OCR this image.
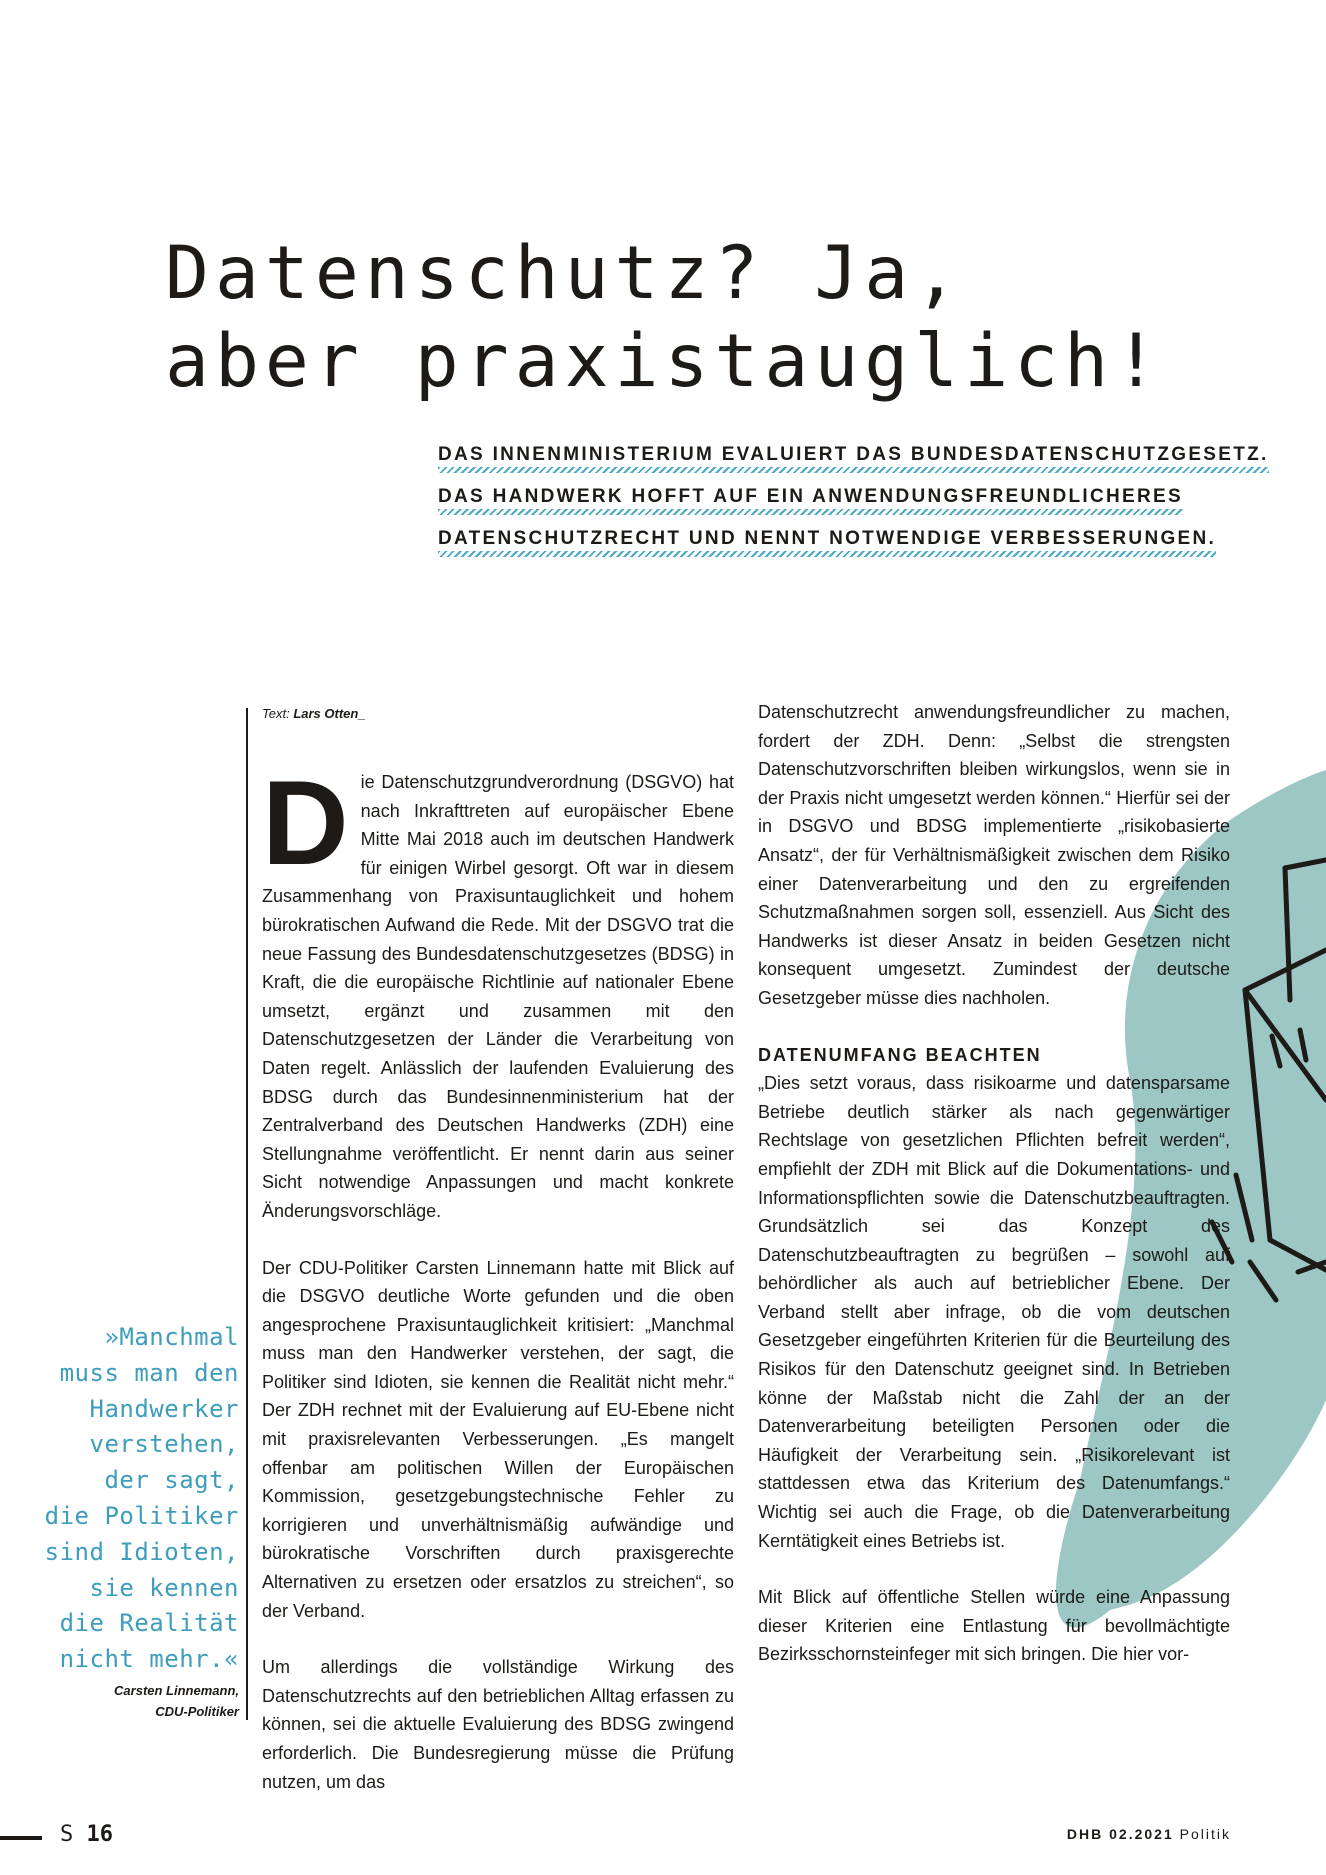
Datenschutz? Ja,
aber praxistauglich!
DAS INNENMINISTERIUM EVALUIERT DAS BUNDESDATENSCHUTZGESETZ.
DAS HANDWERK HOFFT AUF EIN ANWENDUNGSFREUNDLICHERES
DATENSCHUTZRECHT UND NENNT NOTWENDIGE VERBESSERUNGEN.
Text: Lars Otten_
»Manchmal
muss man den
Handwerker
verstehen,
der sagt,
die Politiker
sind Idioten,
sie kennen
die Realität
nicht mehr.«
Carsten Linnemann,
CDU-Politiker

Die Datenschutzgrundverordnung (DSGVO) hat nach Inkrafttreten auf europäischer Ebene Mitte Mai 2018 auch im deutschen Handwerk für einigen Wirbel gesorgt. Oft war in diesem Zusammenhang von Praxisuntauglichkeit und hohem bürokratischen Aufwand die Rede. Mit der DSGVO trat die neue Fassung des Bundesdatenschutzgesetzes (BDSG) in Kraft, die die europäische Richtlinie auf nationaler Ebene umsetzt, ergänzt und zusammen mit den Datenschutzgesetzen der Länder die Verarbeitung von Daten regelt. Anlässlich der laufenden Evaluierung des BDSG durch das Bundesinnenministerium hat der Zentralverband des Deutschen Handwerks (ZDH) eine Stellungnahme veröffentlicht. Er nennt darin aus seiner Sicht notwendige Anpassungen und macht konkrete Änderungsvorschläge.

Der CDU-Politiker Carsten Linnemann hatte mit Blick auf die DSGVO deutliche Worte gefunden und die oben angesprochene Praxisuntauglichkeit kritisiert: „Manchmal muss man den Handwerker verstehen, der sagt, die Politiker sind Idioten, sie kennen die Realität nicht mehr.“ Der ZDH rechnet mit der Evaluierung auf EU-Ebene nicht mit praxisrelevanten Verbesserungen. „Es mangelt offenbar am politischen Willen der Europäischen Kommission, gesetzgebungstechnische Fehler zu korrigieren und unverhältnismäßig aufwändige und bürokratische Vorschriften durch praxisgerechte Alternativen zu ersetzen oder ersatzlos zu streichen“, so der Verband.

Um allerdings die vollständige Wirkung des Datenschutzrechts auf den betrieblichen Alltag erfassen zu können, sei die aktuelle Evaluierung des BDSG zwingend erforderlich. Die Bundesregierung müsse die Prüfung nutzen, um das

Datenschutzrecht anwendungsfreundlicher zu machen, fordert der ZDH. Denn: „Selbst die strengsten Datenschutzvorschriften bleiben wirkungslos, wenn sie in der Praxis nicht umgesetzt werden können.“ Hierfür sei der in DSGVO und BDSG implementierte „risikobasierte Ansatz“, der für Verhältnismäßigkeit zwischen dem Risiko einer Datenverarbeitung und den zu ergreifenden Schutzmaßnahmen sorgen soll, essenziell. Aus Sicht des Handwerks ist dieser Ansatz in beiden Gesetzen nicht konsequent umgesetzt. Zumindest der deutsche Gesetzgeber müsse dies nachholen.

DATENUMFANG BEACHTEN

„Dies setzt voraus, dass risikoarme und datensparsame Betriebe deutlich stärker als nach gegenwärtiger Rechtslage von gesetzlichen Pflichten befreit werden“, empfiehlt der ZDH mit Blick auf die Dokumentations- und Informationspflichten sowie die Datenschutzbeauftragten. Grundsätzlich sei das Konzept des Datenschutzbeauftragten zu begrüßen – sowohl auf behördlicher als auch auf betrieblicher Ebene. Der Verband stellt aber infrage, ob die vom deutschen Gesetzgeber eingeführten Kriterien für die Beurteilung des Risikos für den Datenschutz geeignet sind. In Betrieben könne der Maßstab nicht die Zahl der an der Datenverarbeitung beteiligten Personen oder die Häufigkeit der Verarbeitung sein. „Risikorelevant ist stattdessen etwa das Kriterium des Datenumfangs.“ Wichtig sei auch die Frage, ob die Datenverarbeitung Kerntätigkeit eines Betriebs ist.

Mit Blick auf öffentliche Stellen würde eine Anpassung dieser Kriterien eine Entlastung für bevollmächtigte Bezirksschornsteinfeger mit sich bringen. Die hier vor-

S 16	DHB 02.2021 Politik
